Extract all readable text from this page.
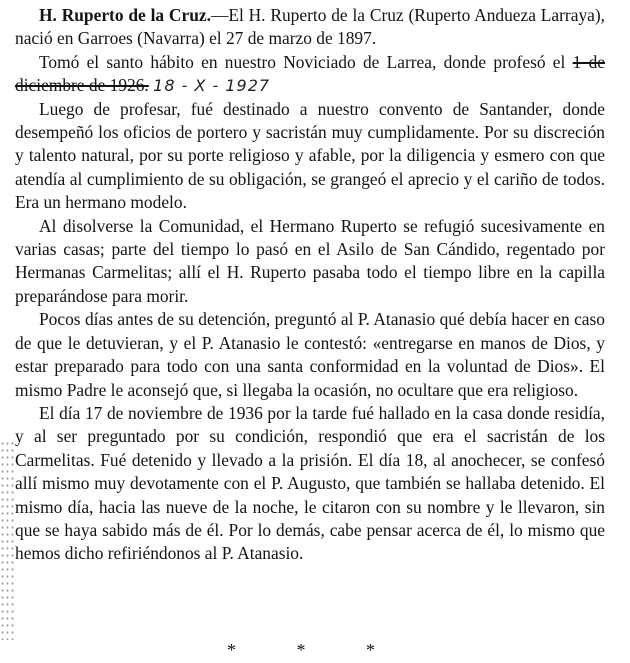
H. Ruperto de la Cruz.—El H. Ruperto de la Cruz (Ruperto Andueza Larraya), nació en Garroes (Navarra) el 27 de marzo de 1897.

Tomó el santo hábito en nuestro Noviciado de Larrea, donde profesó el 1 de diciembre de 1926. 18 - X - 1927

Luego de profesar, fué destinado a nuestro convento de Santander, donde desempeñó los oficios de portero y sacristán muy cumplidamente. Por su discreción y talento natural, por su porte religioso y afable, por la diligencia y esmero con que atendía al cumplimiento de su obligación, se grangeó el aprecio y el cariño de todos. Era un hermano modelo.

Al disolverse la Comunidad, el Hermano Ruperto se refugió sucesivamente en varias casas; parte del tiempo lo pasó en el Asilo de San Cándido, regentado por Hermanas Carmelitas; allí el H. Ruperto pasaba todo el tiempo libre en la capilla preparándose para morir.

Pocos días antes de su detención, preguntó al P. Atanasio qué debía hacer en caso de que le detuvieran, y el P. Atanasio le contestó: «entregarse en manos de Dios, y estar preparado para todo con una santa conformidad en la voluntad de Dios». El mismo Padre le aconsejó que, si llegaba la ocasión, no ocultare que era religioso.

El día 17 de noviembre de 1936 por la tarde fué hallado en la casa donde residía, y al ser preguntado por su condición, respondió que era el sacristán de los Carmelitas. Fué detenido y llevado a la prisión. El día 18, al anochecer, se confesó allí mismo muy devotamente con el P. Augusto, que también se hallaba detenido. El mismo día, hacia las nueve de la noche, le citaron con su nombre y le llevaron, sin que se haya sabido más de él. Por lo demás, cabe pensar acerca de él, lo mismo que hemos dicho refiriéndonos al P. Atanasio.

* * *
